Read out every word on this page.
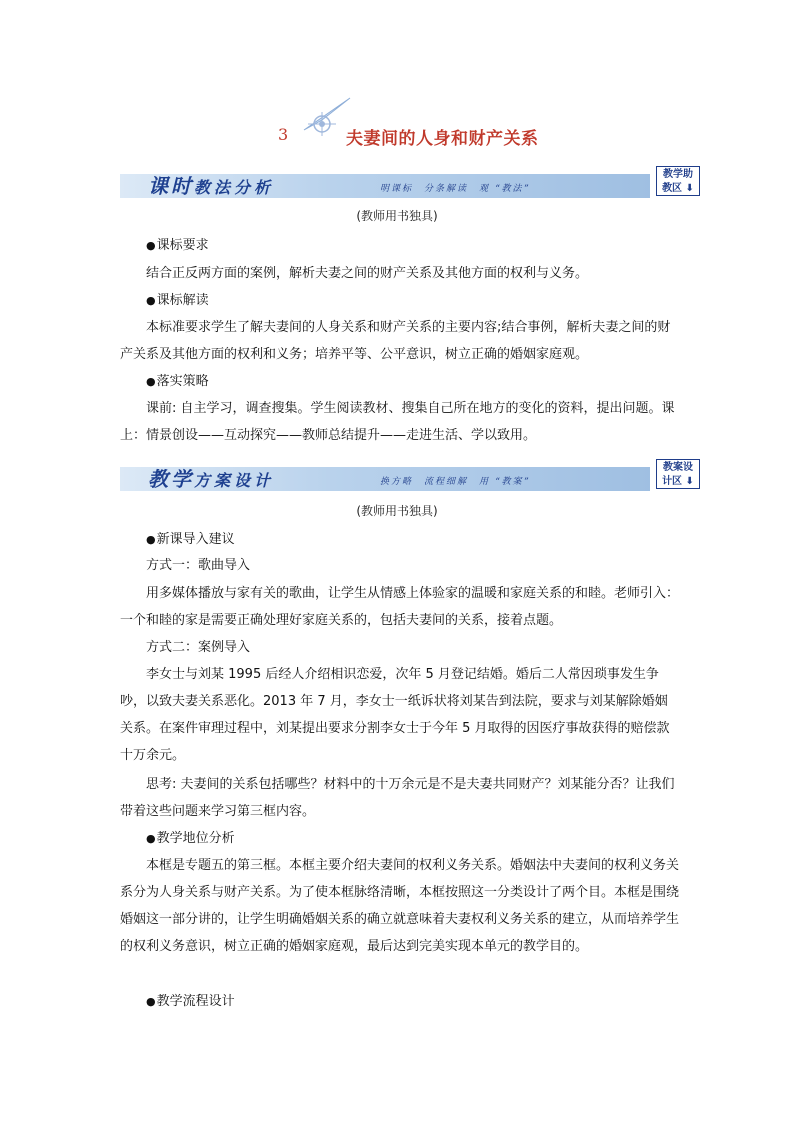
3	夫妻间的人身和财产关系
课时教法分析	明课标　分条解读　观 “教法”
教学助
教区 ⬇
(教师用书独具)
● 课标要求
结合正反两方面的案例，解析夫妻之间的财产关系及其他方面的权利与义务。
● 课标解读
本标准要求学生了解夫妻间的人身关系和财产关系的主要内容;结合事例，解析夫妻之间的财产关系及其他方面的权利和义务；培养平等、公平意识，树立正确的婚姻家庭观。
● 落实策略
课前: 自主学习，调查搜集。学生阅读教材、搜集自己所在地方的变化的资料，提出问题。课上：情景创设——互动探究——教师总结提升——走进生活、学以致用。
教学方案设计	换方略　流程细解　用 “教案”
教案设
计区 ⬇
(教师用书独具)
● 新课导入建议
方式一：歌曲导入
用多媒体播放与家有关的歌曲，让学生从情感上体验家的温暖和家庭关系的和睦。老师引入：一个和睦的家是需要正确处理好家庭关系的，包括夫妻间的关系，接着点题。
方式二：案例导入
李女士与刘某 1995 后经人介绍相识恋爱，次年 5 月登记结婚。婚后二人常因琐事发生争吵，以致夫妻关系恶化。2013 年 7 月，李女士一纸诉状将刘某告到法院，要求与刘某解除婚姻关系。在案件审理过程中，刘某提出要求分割李女士于今年 5 月取得的因医疗事故获得的赔偿款十万余元。
思考: 夫妻间的关系包括哪些？材料中的十万余元是不是夫妻共同财产？刘某能分否？让我们带着这些问题来学习第三框内容。
● 教学地位分析
本框是专题五的第三框。本框主要介绍夫妻间的权利义务关系。婚姻法中夫妻间的权利义务关系分为人身关系与财产关系。为了使本框脉络清晰，本框按照这一分类设计了两个目。本框是围绕婚姻这一部分讲的，让学生明确婚姻关系的确立就意味着夫妻权利义务关系的建立，从而培养学生的权利义务意识，树立正确的婚姻家庭观，最后达到完美实现本单元的教学目的。
● 教学流程设计
